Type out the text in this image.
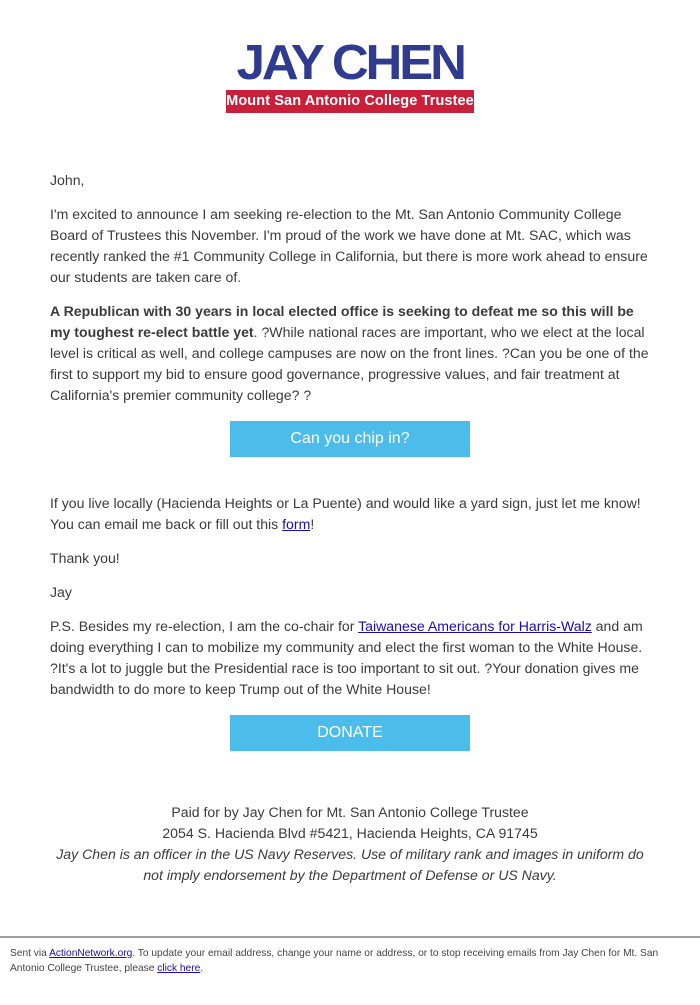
JAY CHEN
Mount San Antonio College Trustee

John,

I'm excited to announce I am seeking re-election to the Mt. San Antonio Community College Board of Trustees this November. I'm proud of the work we have done at Mt. SAC, which was recently ranked the #1 Community College in California, but there is more work ahead to ensure our students are taken care of.

A Republican with 30 years in local elected office is seeking to defeat me so this will be my toughest re-elect battle yet. ?While national races are important, who we elect at the local level is critical as well, and college campuses are now on the front lines. ?Can you be one of the first to support my bid to ensure good governance, progressive values, and fair treatment at California's premier community college? ?

Can you chip in?

If you live locally (Hacienda Heights or La Puente) and would like a yard sign, just let me know! You can email me back or fill out this form!

Thank you!

Jay

P.S. Besides my re-election, I am the co-chair for Taiwanese Americans for Harris-Walz and am doing everything I can to mobilize my community and elect the first woman to the White House. ?It's a lot to juggle but the Presidential race is too important to sit out. ?Your donation gives me bandwidth to do more to keep Trump out of the White House!

DONATE
Paid for by Jay Chen for Mt. San Antonio College Trustee
2054 S. Hacienda Blvd #5421, Hacienda Heights, CA 91745
Jay Chen is an officer in the US Navy Reserves. Use of military rank and images in uniform do not imply endorsement by the Department of Defense or US Navy.
Sent via ActionNetwork.org. To update your email address, change your name or address, or to stop receiving emails from Jay Chen for Mt. San Antonio College Trustee, please click here.
